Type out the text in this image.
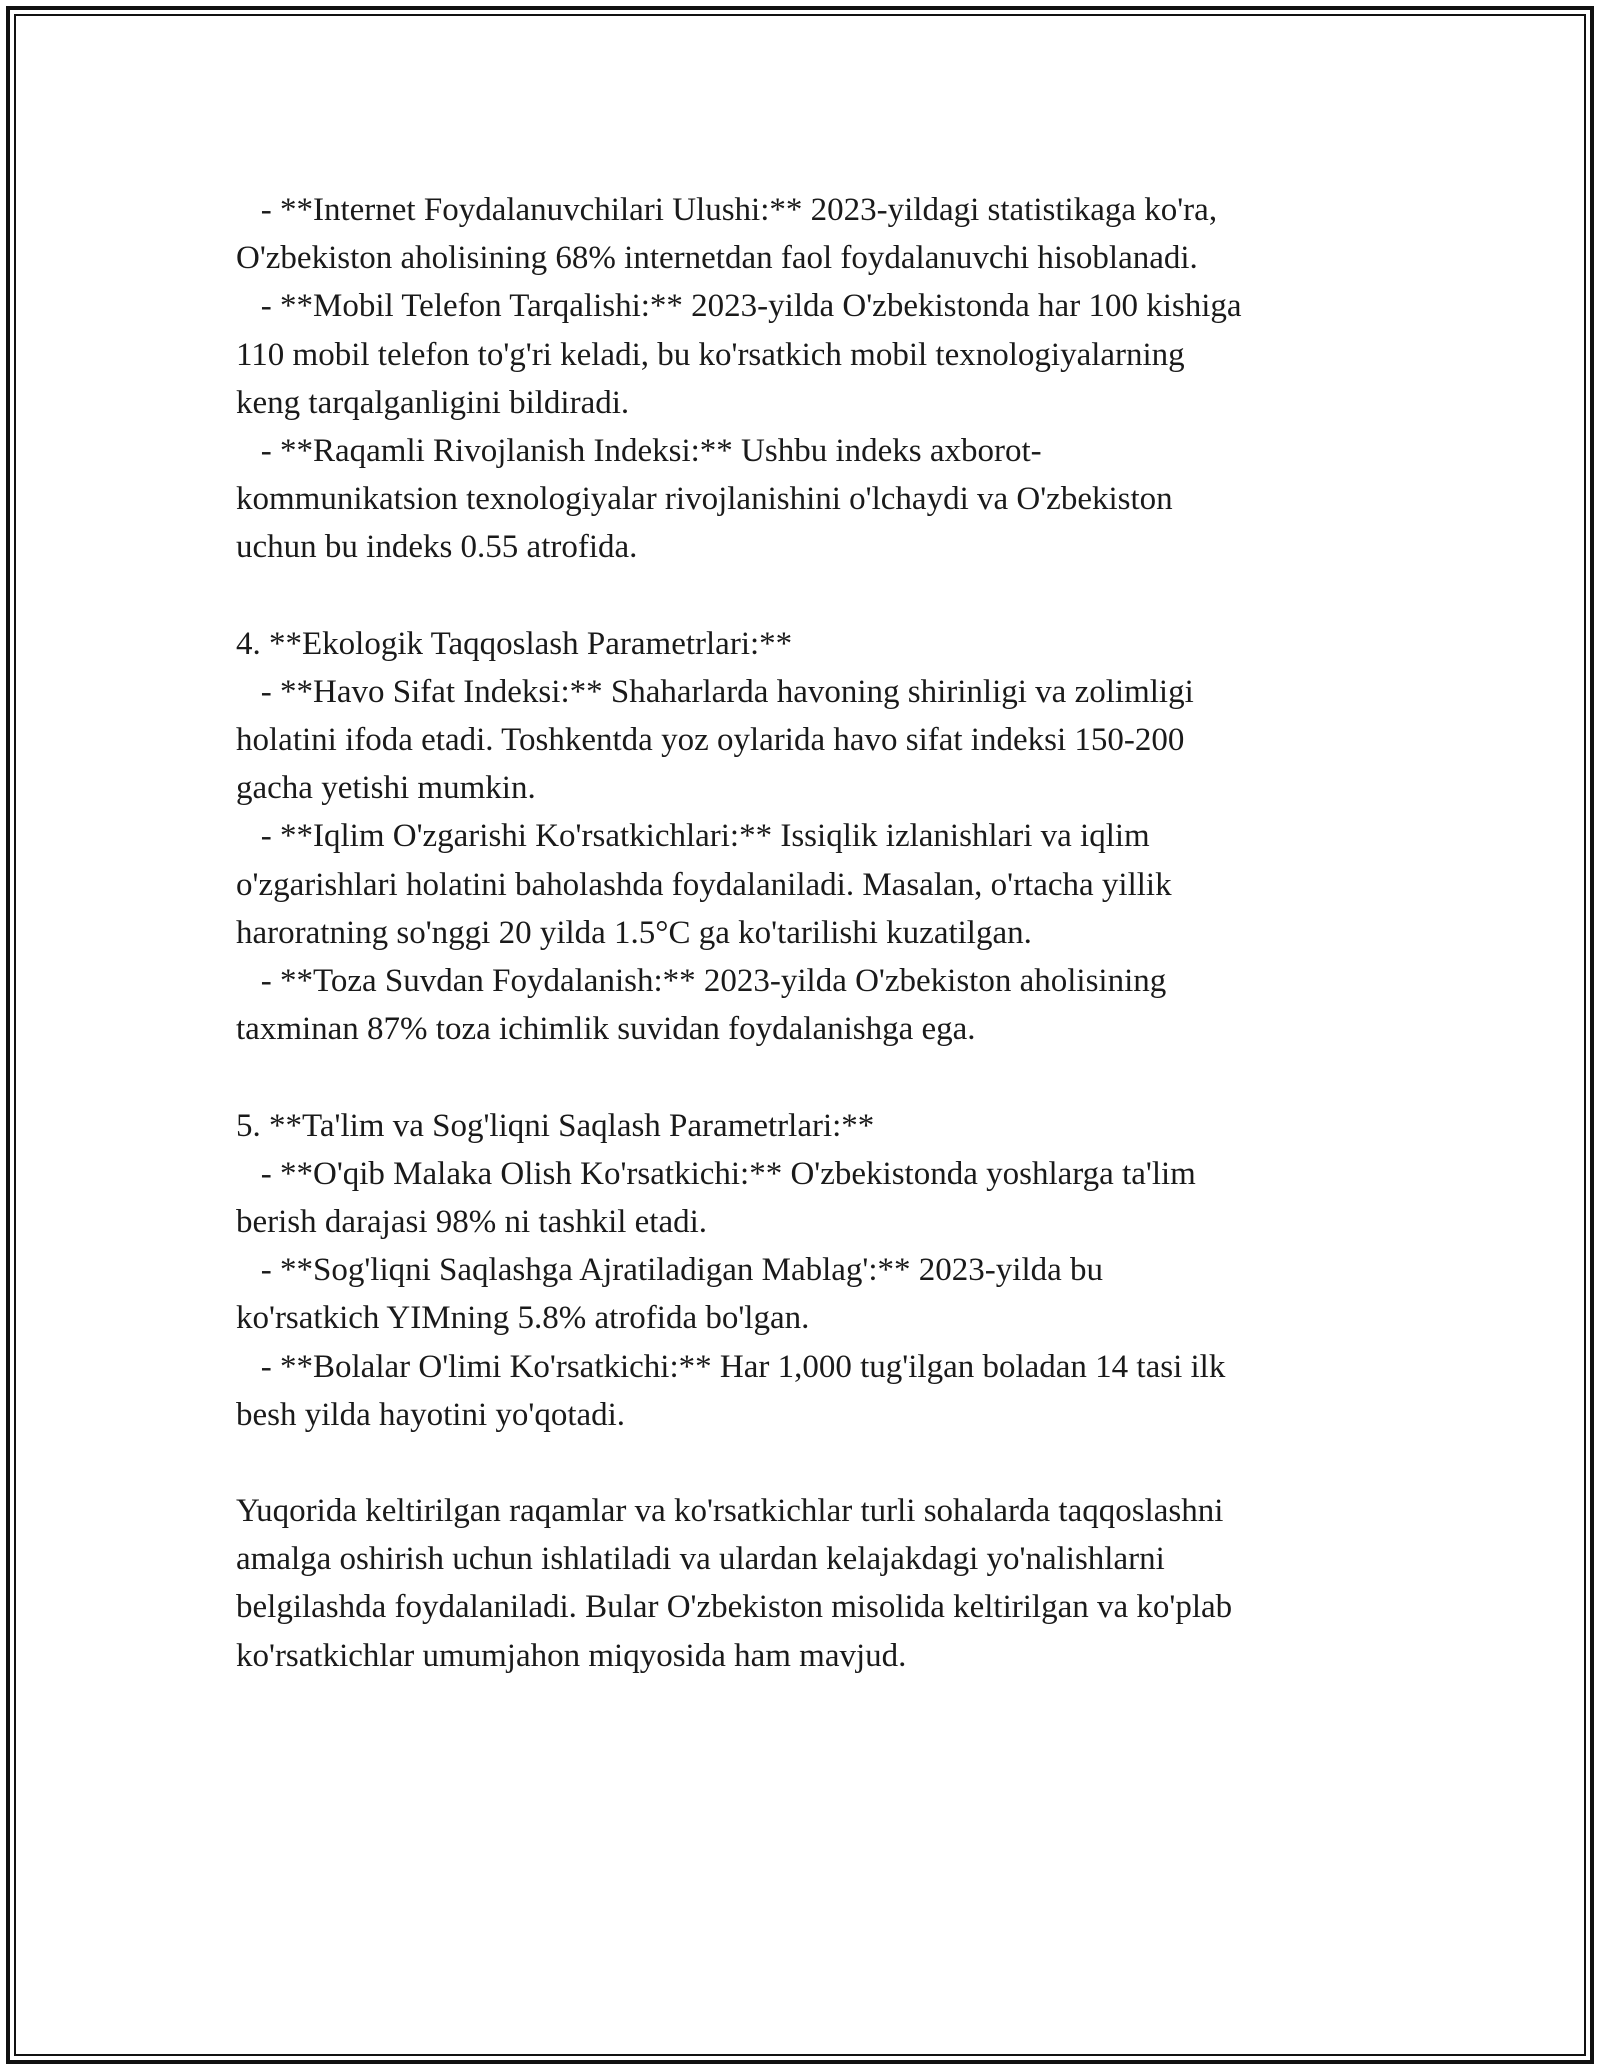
- **Internet Foydalanuvchilari Ulushi:** 2023-yildagi statistikaga ko'ra,
O'zbekiston aholisining 68% internetdan faol foydalanuvchi hisoblanadi.
- **Mobil Telefon Tarqalishi:** 2023-yilda O'zbekistonda har 100 kishiga
110 mobil telefon to'g'ri keladi, bu ko'rsatkich mobil texnologiyalarning
keng tarqalganligini bildiradi.
- **Raqamli Rivojlanish Indeksi:** Ushbu indeks axborot-
kommunikatsion texnologiyalar rivojlanishini o'lchaydi va O'zbekiston
uchun bu indeks 0.55 atrofida.
4. **Ekologik Taqqoslash Parametrlari:**
- **Havo Sifat Indeksi:** Shaharlarda havoning shirinligi va zolimligi
holatini ifoda etadi. Toshkentda yoz oylarida havo sifat indeksi 150-200
gacha yetishi mumkin.
- **Iqlim O'zgarishi Ko'rsatkichlari:** Issiqlik izlanishlari va iqlim
o'zgarishlari holatini baholashda foydalaniladi. Masalan, o'rtacha yillik
haroratning so'nggi 20 yilda 1.5°C ga ko'tarilishi kuzatilgan.
- **Toza Suvdan Foydalanish:** 2023-yilda O'zbekiston aholisining
taxminan 87% toza ichimlik suvidan foydalanishga ega.
5. **Ta'lim va Sog'liqni Saqlash Parametrlari:**
- **O'qib Malaka Olish Ko'rsatkichi:** O'zbekistonda yoshlarga ta'lim
berish darajasi 98% ni tashkil etadi.
- **Sog'liqni Saqlashga Ajratiladigan Mablag':** 2023-yilda bu
ko'rsatkich YIMning 5.8% atrofida bo'lgan.
- **Bolalar O'limi Ko'rsatkichi:** Har 1,000 tug'ilgan boladan 14 tasi ilk
besh yilda hayotini yo'qotadi.
Yuqorida keltirilgan raqamlar va ko'rsatkichlar turli sohalarda taqqoslashni
amalga oshirish uchun ishlatiladi va ulardan kelajakdagi yo'nalishlarni
belgilashda foydalaniladi. Bular O'zbekiston misolida keltirilgan va ko'plab
ko'rsatkichlar umumjahon miqyosida ham mavjud.
